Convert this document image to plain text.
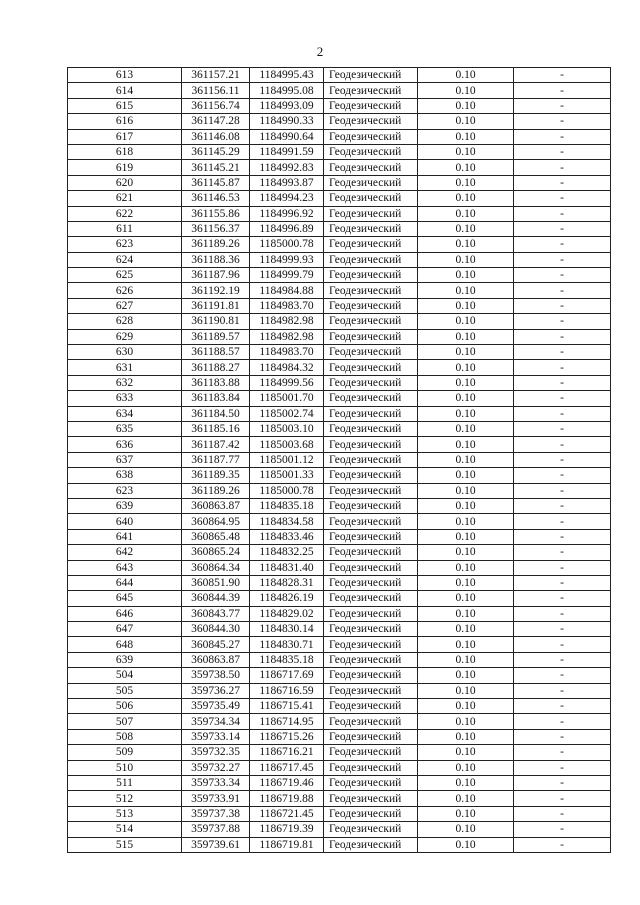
2
613	361157.21	1184995.43	Геодезический	0.10	-
614	361156.11	1184995.08	Геодезический	0.10	-
615	361156.74	1184993.09	Геодезический	0.10	-
616	361147.28	1184990.33	Геодезический	0.10	-
617	361146.08	1184990.64	Геодезический	0.10	-
618	361145.29	1184991.59	Геодезический	0.10	-
619	361145.21	1184992.83	Геодезический	0.10	-
620	361145.87	1184993.87	Геодезический	0.10	-
621	361146.53	1184994.23	Геодезический	0.10	-
622	361155.86	1184996.92	Геодезический	0.10	-
611	361156.37	1184996.89	Геодезический	0.10	-
623	361189.26	1185000.78	Геодезический	0.10	-
624	361188.36	1184999.93	Геодезический	0.10	-
625	361187.96	1184999.79	Геодезический	0.10	-
626	361192.19	1184984.88	Геодезический	0.10	-
627	361191.81	1184983.70	Геодезический	0.10	-
628	361190.81	1184982.98	Геодезический	0.10	-
629	361189.57	1184982.98	Геодезический	0.10	-
630	361188.57	1184983.70	Геодезический	0.10	-
631	361188.27	1184984.32	Геодезический	0.10	-
632	361183.88	1184999.56	Геодезический	0.10	-
633	361183.84	1185001.70	Геодезический	0.10	-
634	361184.50	1185002.74	Геодезический	0.10	-
635	361185.16	1185003.10	Геодезический	0.10	-
636	361187.42	1185003.68	Геодезический	0.10	-
637	361187.77	1185001.12	Геодезический	0.10	-
638	361189.35	1185001.33	Геодезический	0.10	-
623	361189.26	1185000.78	Геодезический	0.10	-
639	360863.87	1184835.18	Геодезический	0.10	-
640	360864.95	1184834.58	Геодезический	0.10	-
641	360865.48	1184833.46	Геодезический	0.10	-
642	360865.24	1184832.25	Геодезический	0.10	-
643	360864.34	1184831.40	Геодезический	0.10	-
644	360851.90	1184828.31	Геодезический	0.10	-
645	360844.39	1184826.19	Геодезический	0.10	-
646	360843.77	1184829.02	Геодезический	0.10	-
647	360844.30	1184830.14	Геодезический	0.10	-
648	360845.27	1184830.71	Геодезический	0.10	-
639	360863.87	1184835.18	Геодезический	0.10	-
504	359738.50	1186717.69	Геодезический	0.10	-
505	359736.27	1186716.59	Геодезический	0.10	-
506	359735.49	1186715.41	Геодезический	0.10	-
507	359734.34	1186714.95	Геодезический	0.10	-
508	359733.14	1186715.26	Геодезический	0.10	-
509	359732.35	1186716.21	Геодезический	0.10	-
510	359732.27	1186717.45	Геодезический	0.10	-
511	359733.34	1186719.46	Геодезический	0.10	-
512	359733.91	1186719.88	Геодезический	0.10	-
513	359737.38	1186721.45	Геодезический	0.10	-
514	359737.88	1186719.39	Геодезический	0.10	-
515	359739.61	1186719.81	Геодезический	0.10	-
